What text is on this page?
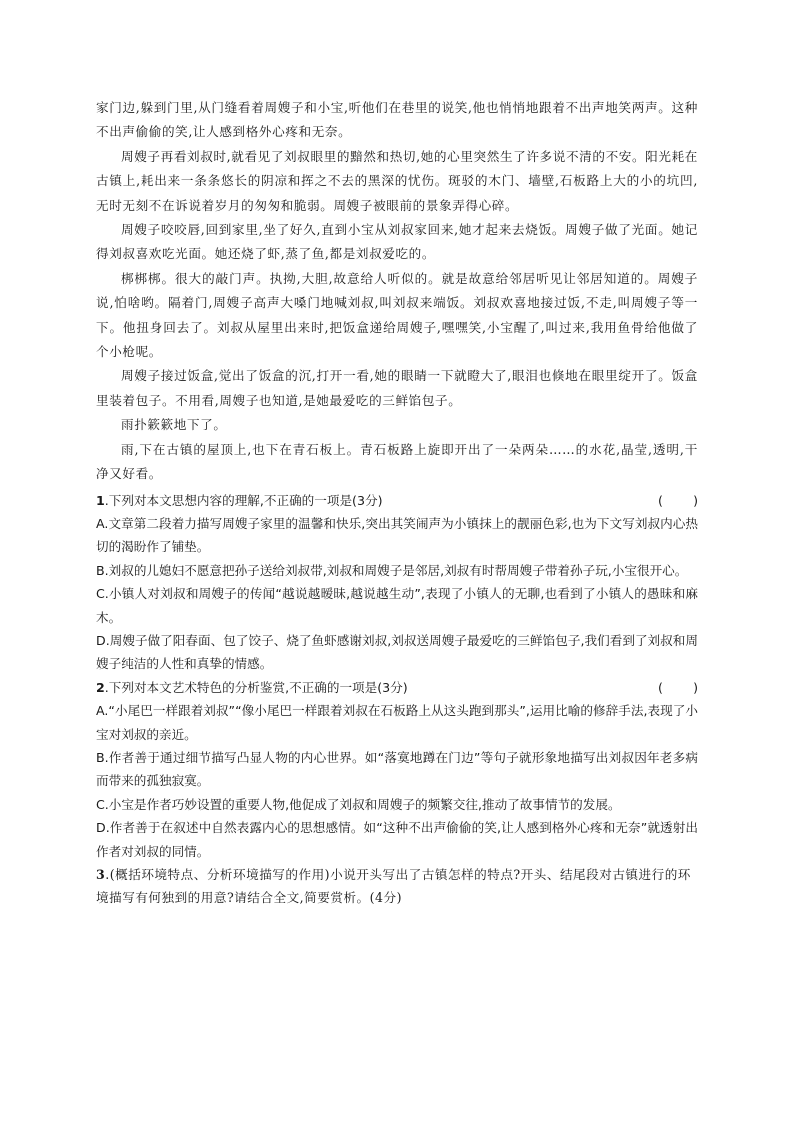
家门边,躲到门里,从门缝看着周嫂子和小宝,听他们在巷里的说笑,他也悄悄地跟着不出声地笑两声。这种不出声偷偷的笑,让人感到格外心疼和无奈。

周嫂子再看刘叔时,就看见了刘叔眼里的黯然和热切,她的心里突然生了许多说不清的不安。阳光耗在古镇上,耗出来一条条悠长的阴凉和挥之不去的黑深的忧伤。斑驳的木门、墙壁,石板路上大的小的坑凹,无时无刻不在诉说着岁月的匆匆和脆弱。周嫂子被眼前的景象弄得心碎。

周嫂子咬咬唇,回到家里,坐了好久,直到小宝从刘叔家回来,她才起来去烧饭。周嫂子做了光面。她记得刘叔喜欢吃光面。她还烧了虾,蒸了鱼,都是刘叔爱吃的。

梆梆梆。很大的敲门声。执拗,大胆,故意给人听似的。就是故意给邻居听见让邻居知道的。周嫂子说,怕啥哟。隔着门,周嫂子高声大嗓门地喊刘叔,叫刘叔来端饭。刘叔欢喜地接过饭,不走,叫周嫂子等一下。他扭身回去了。刘叔从屋里出来时,把饭盒递给周嫂子,嘿嘿笑,小宝醒了,叫过来,我用鱼骨给他做了个小枪呢。

周嫂子接过饭盒,觉出了饭盒的沉,打开一看,她的眼睛一下就瞪大了,眼泪也倏地在眼里绽开了。饭盒里装着包子。不用看,周嫂子也知道,是她最爱吃的三鲜馅包子。

雨扑簌簌地下了。

雨,下在古镇的屋顶上,也下在青石板上。青石板路上旋即开出了一朵两朵……的水花,晶莹,透明,干净又好看。

1.下列对本文思想内容的理解,不正确的一项是(3分)	( )
A.文章第二段着力描写周嫂子家里的温馨和快乐,突出其笑闹声为小镇抹上的靓丽色彩,也为下文写刘叔内心热切的渴盼作了铺垫。
B.刘叔的儿媳妇不愿意把孙子送给刘叔带,刘叔和周嫂子是邻居,刘叔有时帮周嫂子带着孙子玩,小宝很开心。
C.小镇人对刘叔和周嫂子的传闻“越说越暧昧,越说越生动”,表现了小镇人的无聊,也看到了小镇人的愚昧和麻木。
D.周嫂子做了阳春面、包了饺子、烧了鱼虾感谢刘叔,刘叔送周嫂子最爱吃的三鲜馅包子,我们看到了刘叔和周嫂子纯洁的人性和真挚的情感。
2.下列对本文艺术特色的分析鉴赏,不正确的一项是(3分)	( )
A.“小尾巴一样跟着刘叔”“像小尾巴一样跟着刘叔在石板路上从这头跑到那头”,运用比喻的修辞手法,表现了小宝对刘叔的亲近。
B.作者善于通过细节描写凸显人物的内心世界。如“落寞地蹲在门边”等句子就形象地描写出刘叔因年老多病而带来的孤独寂寞。
C.小宝是作者巧妙设置的重要人物,他促成了刘叔和周嫂子的频繁交往,推动了故事情节的发展。
D.作者善于在叙述中自然表露内心的思想感情。如“这种不出声偷偷的笑,让人感到格外心疼和无奈”就透射出作者对刘叔的同情。
3.(概括环境特点、分析环境描写的作用)小说开头写出了古镇怎样的特点?开头、结尾段对古镇进行的环境描写有何独到的用意?请结合全文,简要赏析。(4分)
